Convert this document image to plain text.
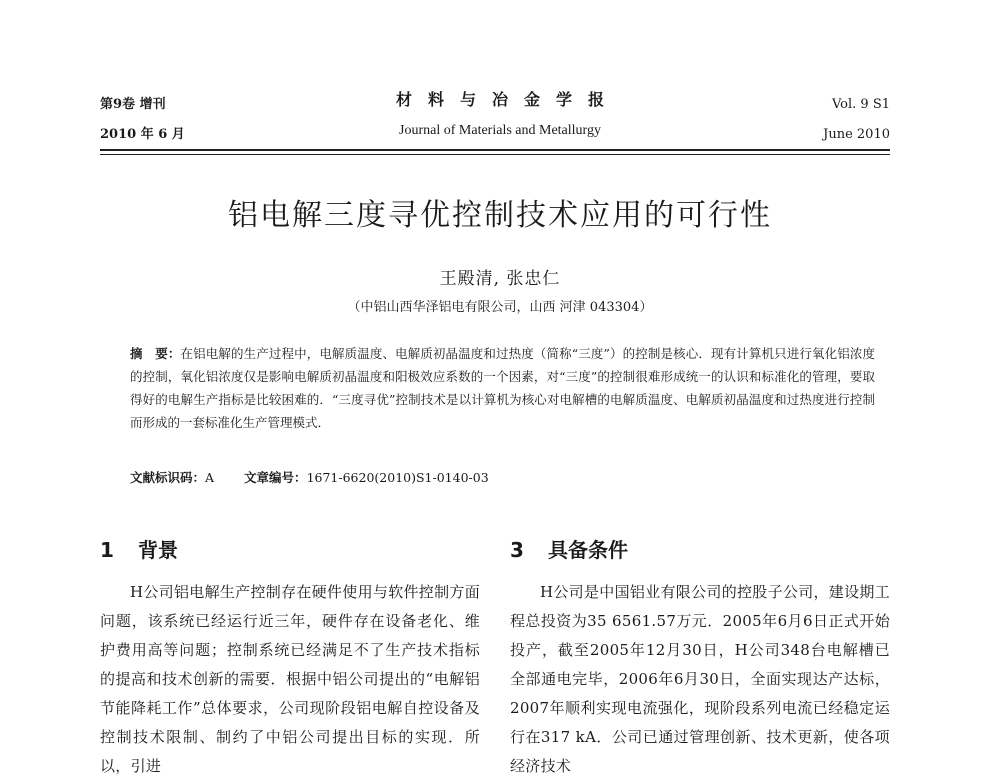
第9卷 增刊
2010 年 6 月
材料与冶金学报
Journal of Materials and Metallurgy
Vol. 9 S1
June 2010
铝电解三度寻优控制技术应用的可行性
王殿清, 张忠仁
（中铝山西华泽铝电有限公司，山西 河津 043304）
摘　要：在铝电解的生产过程中，电解质温度、电解质初晶温度和过热度（简称“三度”）的控制是核心．现有计算机只进行氧化铝浓度的控制，氧化铝浓度仅是影响电解质初晶温度和阳极效应系数的一个因素，对“三度”的控制很难形成统一的认识和标准化的管理，要取得好的电解生产指标是比较困难的．“三度寻优”控制技术是以计算机为核心对电解槽的电解质温度、电解质初晶温度和过热度进行控制而形成的一套标准化生产管理模式．
文献标识码：A 文章编号：1671-6620(2010)S1-0140-03
1 背景
H公司铝电解生产控制存在硬件使用与软件控制方面问题，该系统已经运行近三年，硬件存在设备老化、维护费用高等问题；控制系统已经满足不了生产技术指标的提高和技术创新的需要．根据中铝公司提出的“电解铝节能降耗工作”总体要求，公司现阶段铝电解自控设备及控制技术限制、制约了中铝公司提出目标的实现．所以，引进
3 具备条件
H公司是中国铝业有限公司的控股子公司，建设期工程总投资为35 6561.57万元．2005年6月6日正式开始投产，截至2005年12月30日，H公司348台电解槽已全部通电完毕，2006年6月30日，全面实现达产达标，2007年顺利实现电流强化，现阶段系列电流已经稳定运行在317 kA．公司已通过管理创新、技术更新，使各项经济技术
